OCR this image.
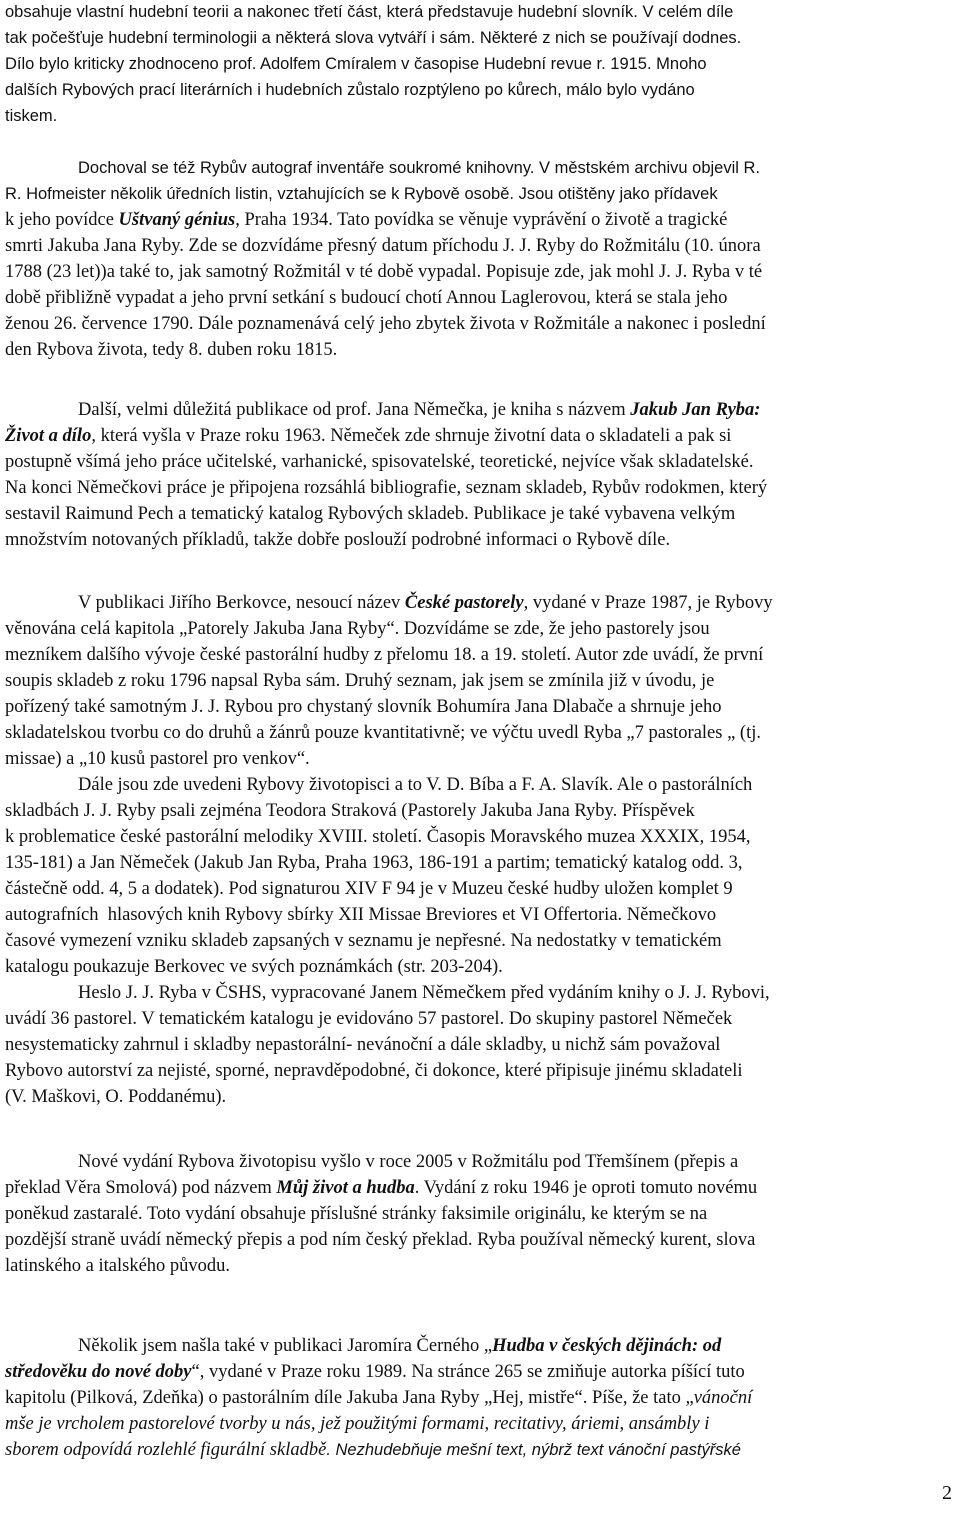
obsahuje vlastní hudební teorii a nakonec třetí část, která představuje hudební slovník. V celém díle
tak počešťuje hudební terminologii a některá slova vytváří i sám. Některé z nich se používají dodnes.
Dílo bylo kriticky zhodnoceno prof. Adolfem Cmíralem v časopise Hudební revue r. 1915. Mnoho
dalších Rybových prací literárních i hudebních zůstalo rozptýleno po kůrech, málo bylo vydáno
tiskem.
Dochoval se též Rybův autograf inventáře soukromé knihovny. V městském archivu objevil R.
R. Hofmeister několik úředních listin, vztahujících se k Rybově osobě. Jsou otištěny jako přídavek
k jeho povídce Uštvaný génius, Praha 1934. Tato povídka se věnuje vyprávění o životě a tragické
smrti Jakuba Jana Ryby. Zde se dozvídáme přesný datum příchodu J. J. Ryby do Rožmitálu (10. února
1788 (23 let))a také to, jak samotný Rožmitál v té době vypadal. Popisuje zde, jak mohl J. J. Ryba v té
době přibližně vypadat a jeho první setkání s budoucí chotí Annou Laglerovou, která se stala jeho
ženou 26. července 1790. Dále poznamenává celý jeho zbytek života v Rožmitále a nakonec i poslední
den Rybova života, tedy 8. duben roku 1815.
Další, velmi důležitá publikace od prof. Jana Němečka, je kniha s názvem Jakub Jan Ryba:
Život a dílo, která vyšla v Praze roku 1963. Němeček zde shrnuje životní data o skladateli a pak si
postupně všímá jeho práce učitelské, varhanické, spisovatelské, teoretické, nejvíce však skladatelské.
Na konci Němečkovi práce je připojena rozsáhlá bibliografie, seznam skladeb, Rybův rodokmen, který
sestavil Raimund Pech a tematický katalog Rybových skladeb. Publikace je také vybavena velkým
množstvím notovaných příkladů, takže dobře poslouží podrobné informaci o Rybově díle.
V publikaci Jiřího Berkovce, nesoucí název České pastorely, vydané v Praze 1987, je Rybovy
věnována celá kapitola „Patorely Jakuba Jana Ryby“. Dozvídáme se zde, že jeho pastorely jsou
mezníkem dalšího vývoje české pastorální hudby z přelomu 18. a 19. století. Autor zde uvádí, že první
soupis skladeb z roku 1796 napsal Ryba sám. Druhý seznam, jak jsem se zmínila již v úvodu, je
pořízený také samotným J. J. Rybou pro chystaný slovník Bohumíra Jana Dlabače a shrnuje jeho
skladatelskou tvorbu co do druhů a žánrů pouze kvantitativně; ve výčtu uvedl Ryba „7 pastorales „ (tj.
missae) a „10 kusů pastorel pro venkov“.
Dále jsou zde uvedeni Rybovy životopisci a to V. D. Bíba a F. A. Slavík. Ale o pastorálních
skladbách J. J. Ryby psali zejména Teodora Straková (Pastorely Jakuba Jana Ryby. Příspěvek
k problematice české pastorální melodiky XVIII. století. Časopis Moravského muzea XXXIX, 1954,
135-181) a Jan Němeček (Jakub Jan Ryba, Praha 1963, 186-191 a partim; tematický katalog odd. 3,
částečně odd. 4, 5 a dodatek). Pod signaturou XIV F 94 je v Muzeu české hudby uložen komplet 9
autografních  hlasových knih Rybovy sbírky XII Missae Breviores et VI Offertoria. Němečkovo
časové vymezení vzniku skladeb zapsaných v seznamu je nepřesné. Na nedostatky v tematickém
katalogu poukazuje Berkovec ve svých poznámkách (str. 203-204).
Heslo J. J. Ryba v ČSHS, vypracované Janem Němečkem před vydáním knihy o J. J. Rybovi,
uvádí 36 pastorel. V tematickém katalogu je evidováno 57 pastorel. Do skupiny pastorel Němeček
nesystematicky zahrnul i skladby nepastorální- nevánoční a dále skladby, u nichž sám považoval
Rybovo autorství za nejisté, sporné, nepravděpodobné, či dokonce, které připisuje jinému skladateli
(V. Maškovi, O. Poddanému).
Nové vydání Rybova životopisu vyšlo v roce 2005 v Rožmitálu pod Třemšínem (přepis a
překlad Věra Smolová) pod názvem Můj život a hudba. Vydání z roku 1946 je oproti tomuto novému
poněkud zastaralé. Toto vydání obsahuje příslušné stránky faksimile originálu, ke kterým se na
pozdější straně uvádí německý přepis a pod ním český překlad. Ryba používal německý kurent, slova
latinského a italského původu.
Několik jsem našla také v publikaci Jaromíra Černého „Hudba v českých dějinách: od
středověku do nové doby“, vydané v Praze roku 1989. Na stránce 265 se zmiňuje autorka píšící tuto
kapitolu (Pilková, Zdeňka) o pastorálním díle Jakuba Jana Ryby „Hej, mistře“. Píše, že tato „vánoční
mše je vrcholem pastorelové tvorby u nás, jež použitými formami, recitativy, áriemi, ansámbly i
sborem odpovídá rozlehlé figurální skladbě. Nezhudebňuje mešní text, nýbrž text vánoční pastýřské
2
